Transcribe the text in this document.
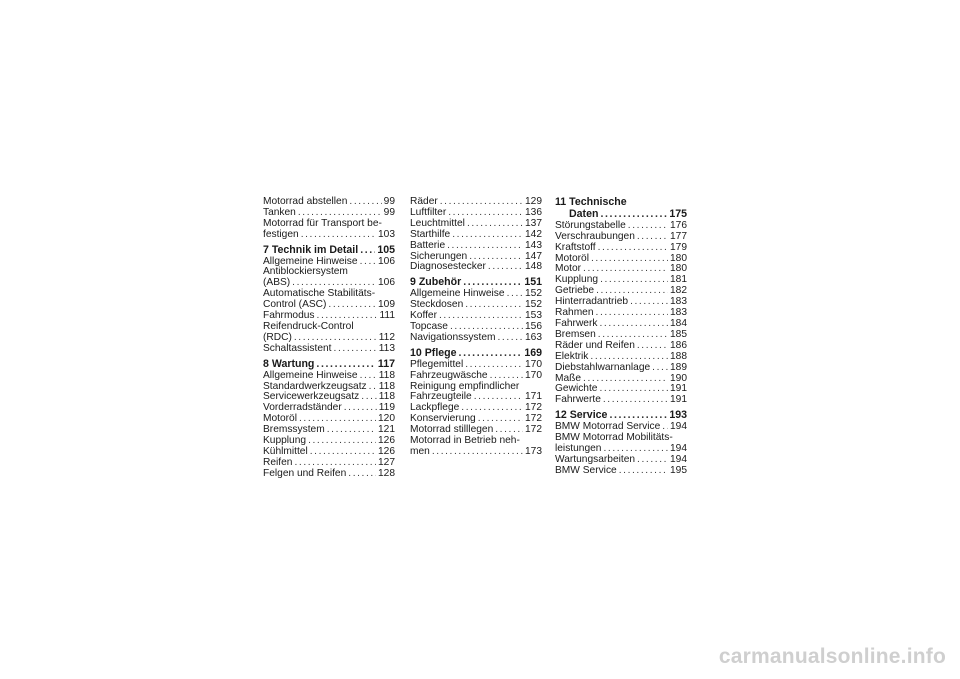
Motorrad abstellen .....	99
Tanken .....	99
Motorrad für Transport be-
festigen .....	103
7 Technik im Detail ..... 105
Allgemeine Hinweise ..... 106
Antiblockiersystem
(ABS) .....	106
Automatische Stabilitäts-
Control (ASC) .....	109
Fahrmodus .....	111
Reifendruck-Control
(RDC) .....	112
Schaltassistent .....	113
8 Wartung .....	117
Allgemeine Hinweise ..... 118
Standardwerkzeugsatz ..... 118
Servicewerkzeugsatz ..... 118
Vorderradständer .....	119
Motoröl .....	120
Bremssystem .....	121
Kupplung .....	126
Kühlmittel .....	126
Reifen .....	127
Felgen und Reifen .....	128
Räder .....	129
Luftfilter .....	136
Leuchtmittel .....	137
Starthilfe .....	142
Batterie .....	143
Sicherungen .....	147
Diagnosestecker .....	148
9 Zubehör .....	151
Allgemeine Hinweise ..... 152
Steckdosen .....	152
Koffer .....	153
Topcase .....	156
Navigationssystem .....	163
10 Pflege .....	169
Pflegemittel .....	170
Fahrzeugwäsche .....	170
Reinigung empfindlicher
Fahrzeugteile .....	171
Lackpflege .....	172
Konservierung .....	172
Motorrad stilllegen .....	172
Motorrad in Betrieb neh-
men .....	173
11 Technische
Daten .....	175
Störungstabelle .....	176
Verschraubungen .....	177
Kraftstoff .....	179
Motoröl .....	180
Motor .....	180
Kupplung .....	181
Getriebe .....	182
Hinterradantrieb .....	183
Rahmen .....	183
Fahrwerk .....	184
Bremsen .....	185
Räder und Reifen .....	186
Elektrik .....	188
Diebstahlwarnanlage ..... 189
Maße .....	190
Gewichte .....	191
Fahrwerte .....	191
12 Service .....	193
BMW Motorrad Service ..... 194
BMW Motorrad Mobilitäts-
leistungen .....	194
Wartungsarbeiten .....	194
BMW Service .....	195
carmanualsonline.info
